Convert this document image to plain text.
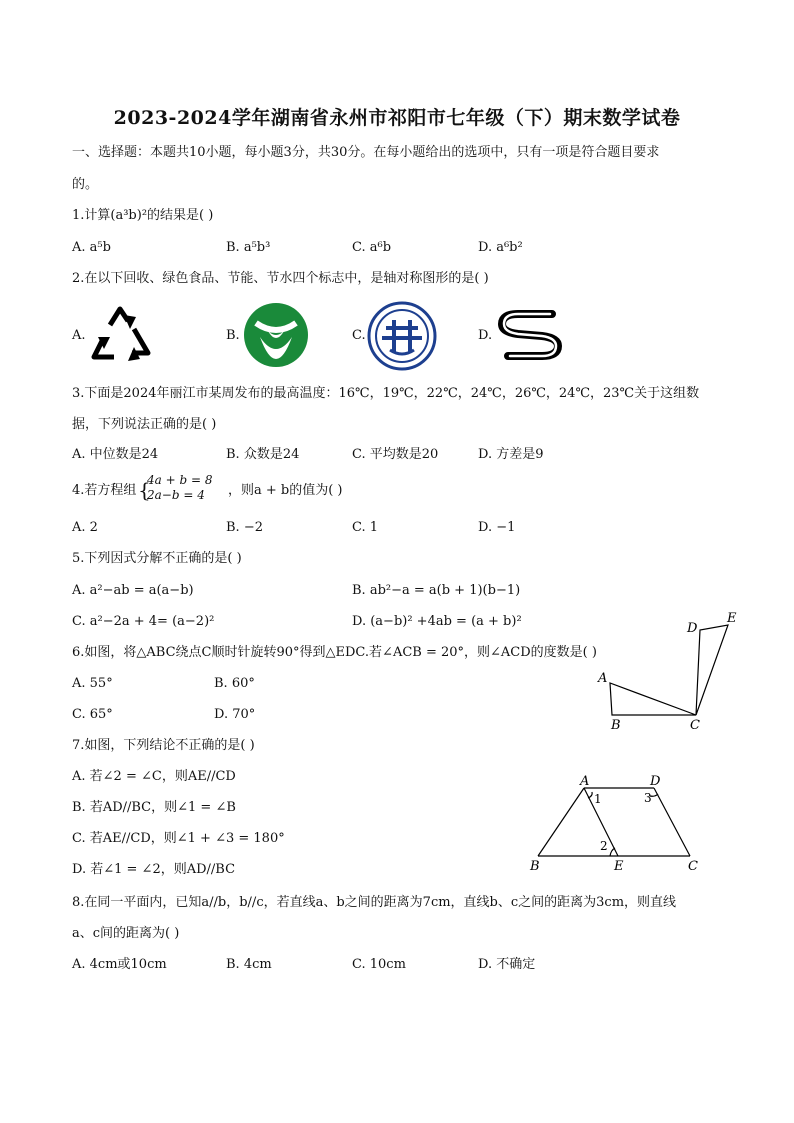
2023-2024学年湖南省永州市祁阳市七年级（下）期末数学试卷
一、选择题：本题共10小题，每小题3分，共30分。在每小题给出的选项中，只有一项是符合题目要求
的。
1.计算(a³b)²的结果是( )
A. a⁵b	B. a⁵b³	C. a⁶b	D. a⁶b²
2.在以下回收、绿色食品、节能、节水四个标志中，是轴对称图形的是( )
A.	B.	C.	D.
3.下面是2024年丽江市某周发布的最高温度：16℃，19℃，22℃，24℃，26℃，24℃，23℃关于这组数
据，下列说法正确的是( )
A. 中位数是24	B. 众数是24	C. 平均数是20	D. 方差是9
4.若方程组 {
4a + b = 8
2a−b = 4 ，则a + b的值为( )
A. 2	B. −2	C. 1	D. −1
5.下列因式分解不正确的是( )
A. a²−ab = a(a−b)	B. ab²−a = a(b + 1)(b−1)
C. a²−2a + 4= (a−2)²	D. (a−b)² +4ab = (a + b)²
6.如图，将△ABC绕点C顺时针旋转90°得到△EDC.若∠ACB = 20°，则∠ACD的度数是( )
A. 55°	B. 60°
C. 65°	D. 70°
A
B	C
D
E
7.如图，下列结论不正确的是( )
A. 若∠2 = ∠C，则AE//CD
B. 若AD//BC，则∠1 = ∠B
C. 若AE//CD，则∠1 + ∠3 = 180°
D. 若∠1 = ∠2，则AD//BC
A	D
B	E	C
1
2
3
8.在同一平面内，已知a//b，b//c，若直线a、b之间的距离为7cm，直线b、c之间的距离为3cm，则直线
a、c间的距离为( )
A. 4cm或10cm	B. 4cm	C. 10cm	D. 不确定
